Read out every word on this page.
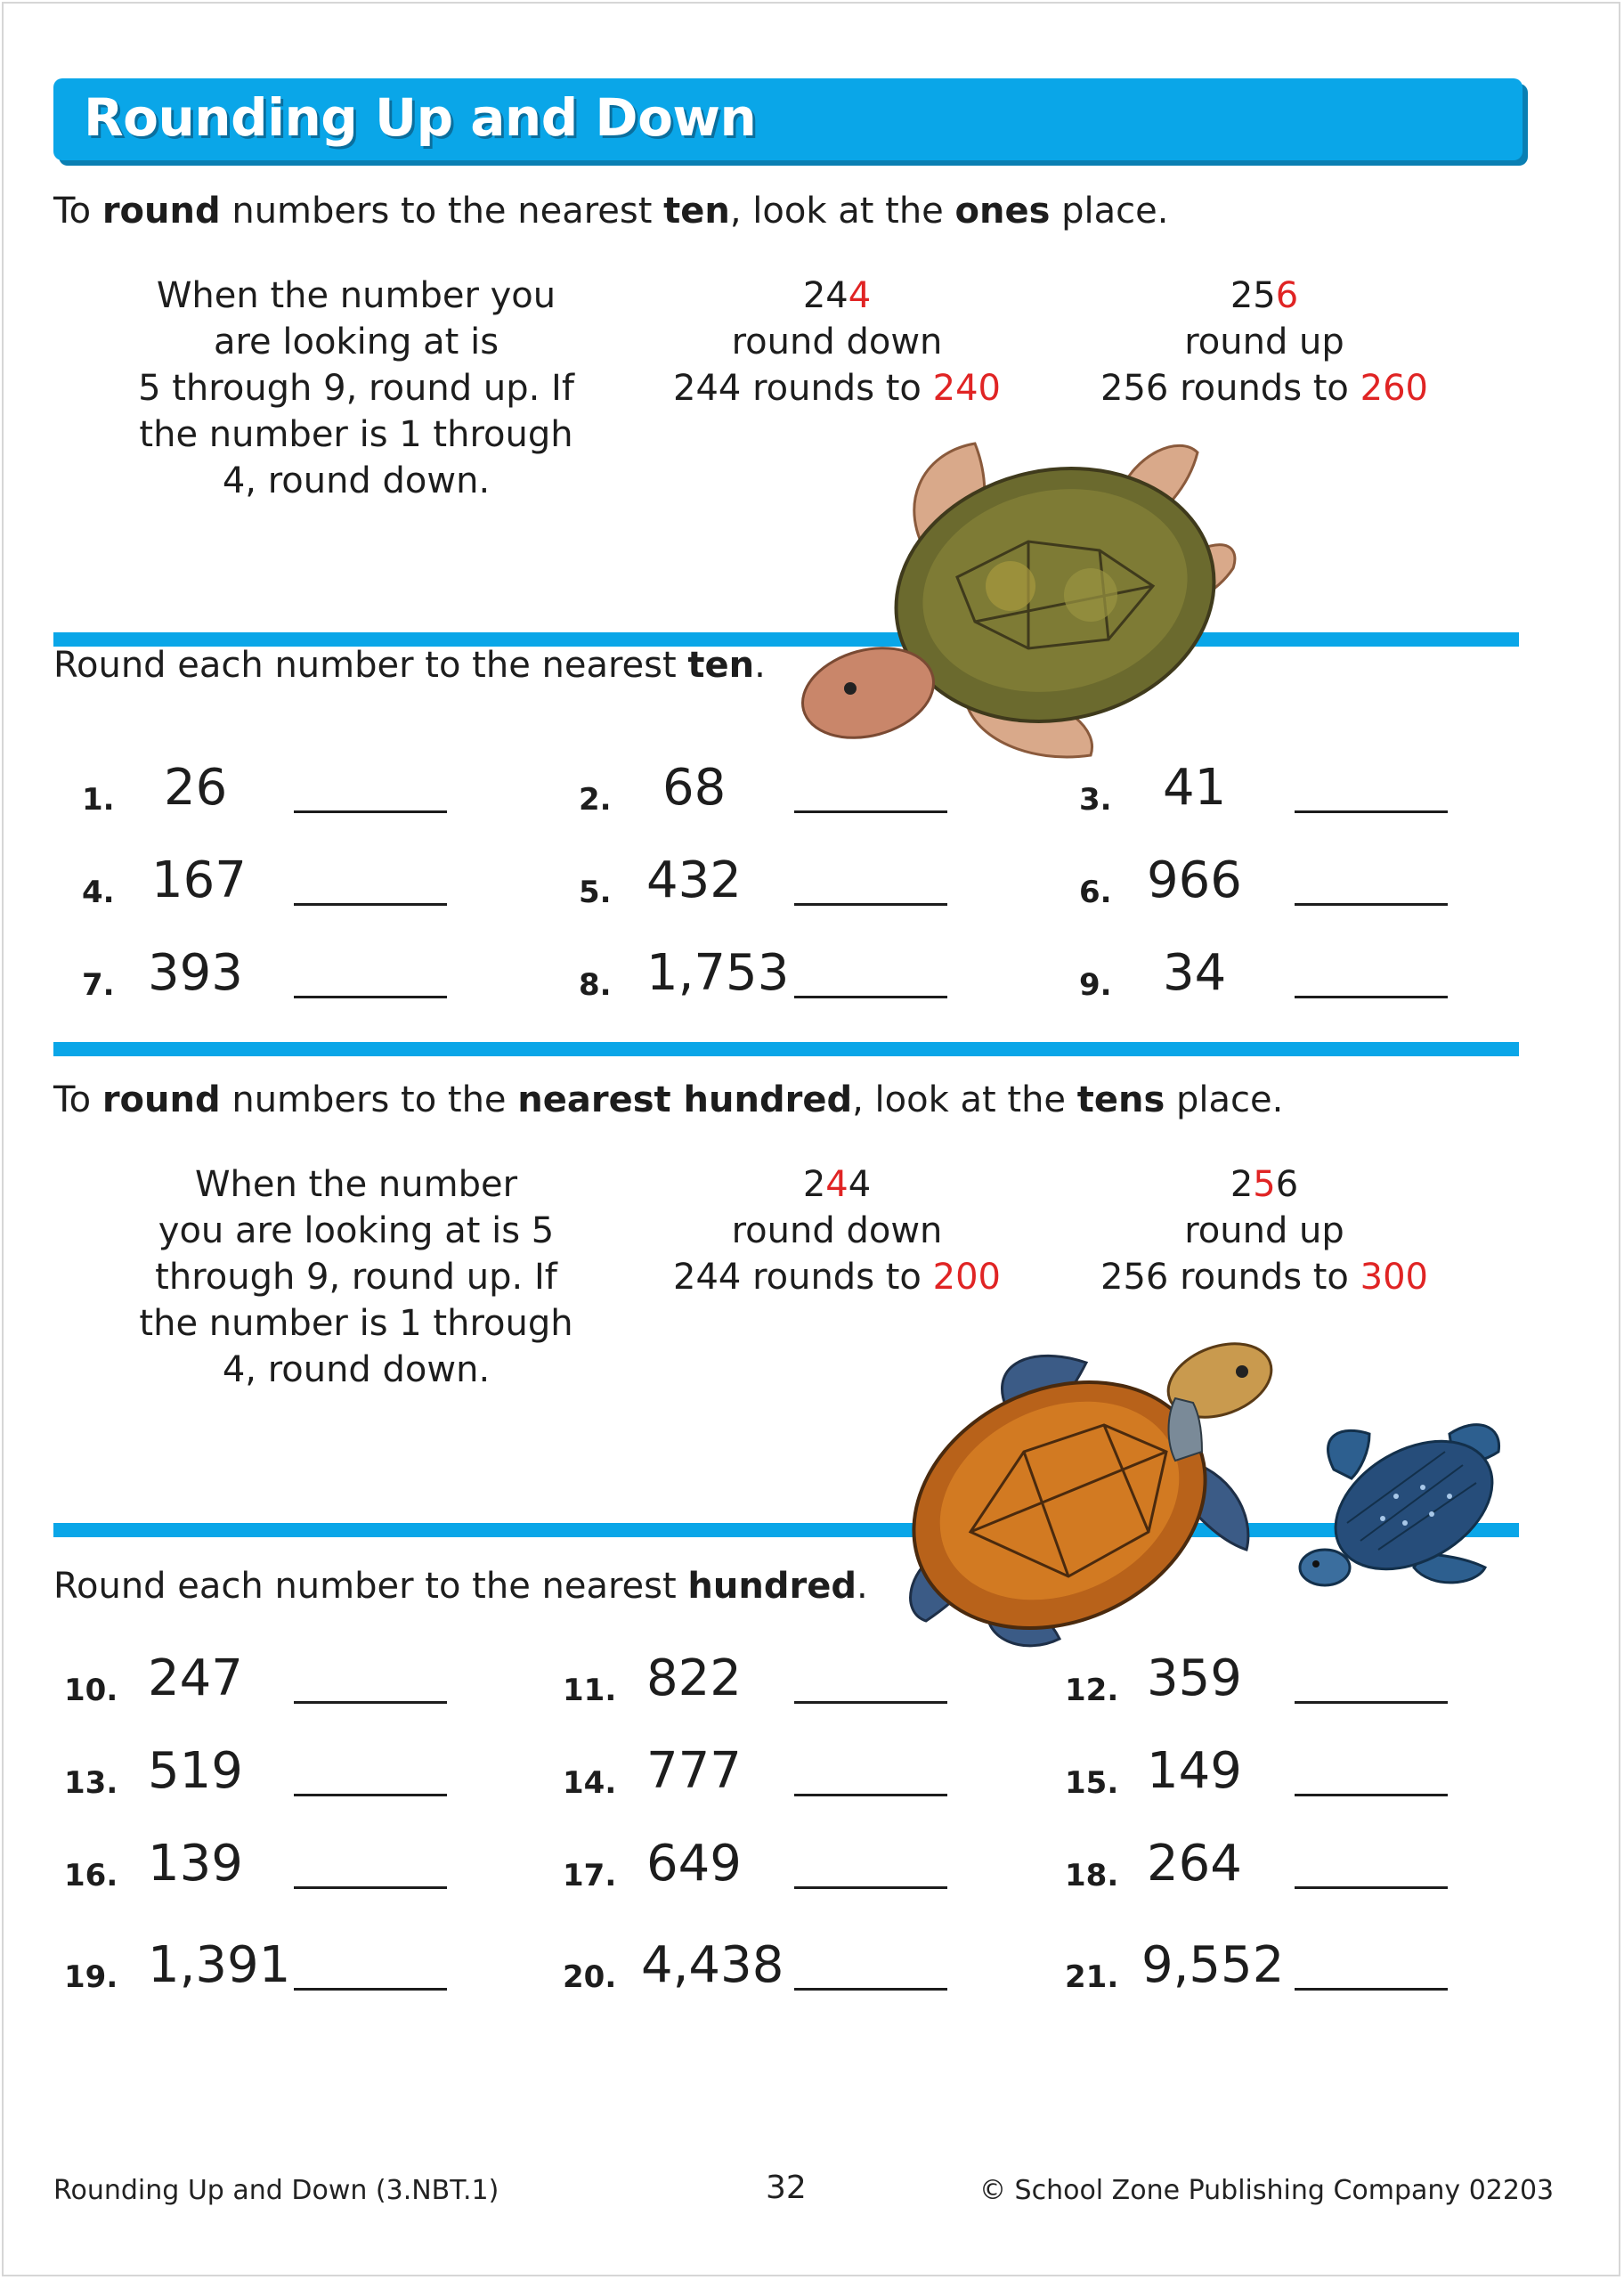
Rounding Up and Down
To round numbers to the nearest ten, look at the ones place.
When the number you
are looking at is
5 through 9, round up. If
the number is 1 through
4, round down.
244
round down
244 rounds to 240
256
round up
256 rounds to 260
Round each number to the nearest ten.
1. 26	2. 68	3. 41
4. 167	5. 432	6. 966
7. 393	8. 1,753	9. 34
To round numbers to the nearest hundred, look at the tens place.
When the number
you are looking at is 5
through 9, round up. If
the number is 1 through
4, round down.
244
round down
244 rounds to 200
256
round up
256 rounds to 300
Round each number to the nearest hundred.
10. 247	11. 822	12. 359
13. 519	14. 777	15. 149
16. 139	17. 649	18. 264
19. 1,391	20. 4,438	21. 9,552
Rounding Up and Down (3.NBT.1)	32	© School Zone Publishing Company 02203
